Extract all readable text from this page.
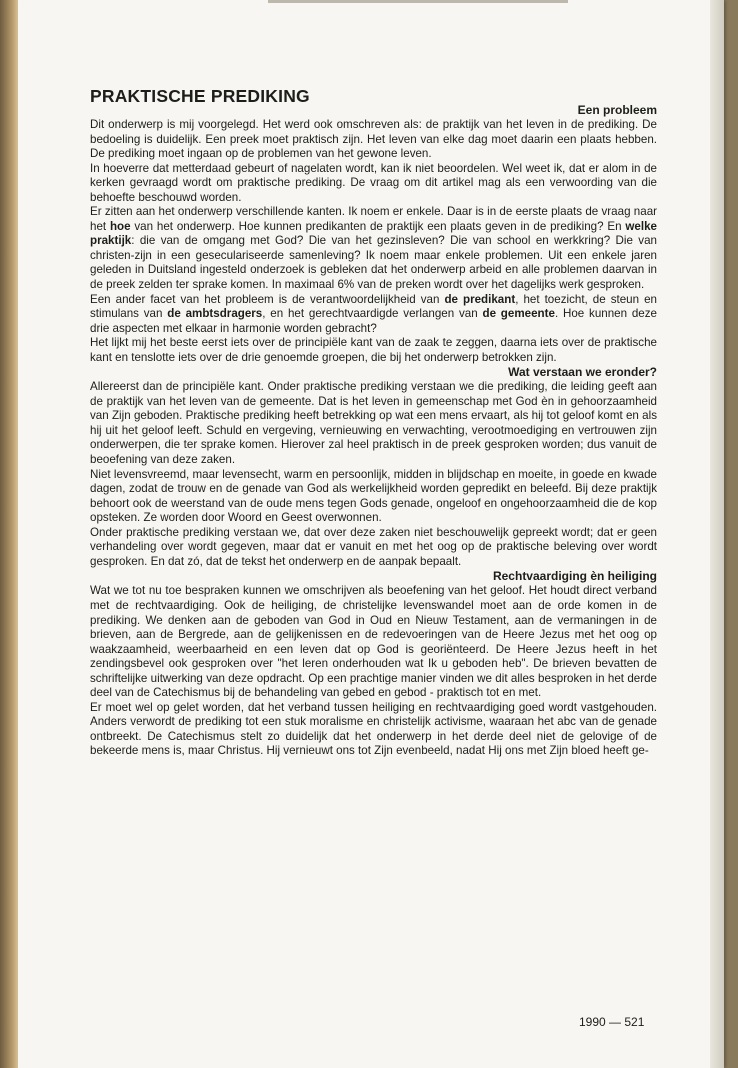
PRAKTISCHE PREDIKING
Een probleem

Dit onderwerp is mij voorgelegd. Het werd ook omschreven als: de praktijk van het leven in de prediking. De bedoeling is duidelijk. Een preek moet praktisch zijn. Het leven van elke dag moet daarin een plaats hebben. De prediking moet ingaan op de problemen van het gewone leven.

In hoeverre dat metterdaad gebeurt of nagelaten wordt, kan ik niet beoordelen. Wel weet ik, dat er alom in de kerken gevraagd wordt om praktische prediking. De vraag om dit artikel mag als een verwoording van die behoefte beschouwd worden.

Er zitten aan het onderwerp verschillende kanten. Ik noem er enkele. Daar is in de eerste plaats de vraag naar het hoe van het onderwerp. Hoe kunnen predikanten de praktijk een plaats geven in de prediking? En welke praktijk: die van de omgang met God? Die van het gezinsleven? Die van school en werkkring? Die van christen-zijn in een geseculariseerde samenleving? Ik noem maar enkele problemen. Uit een enkele jaren geleden in Duitsland ingesteld onderzoek is gebleken dat het onderwerp arbeid en alle problemen daarvan in de preek zelden ter sprake komen. In maximaal 6% van de preken wordt over het dagelijks werk gesproken.

Een ander facet van het probleem is de verantwoordelijkheid van de predikant, het toezicht, de steun en stimulans van de ambtsdragers, en het gerechtvaardigde verlangen van de gemeente. Hoe kunnen deze drie aspecten met elkaar in harmonie worden gebracht?

Het lijkt mij het beste eerst iets over de principiële kant van de zaak te zeggen, daarna iets over de praktische kant en tenslotte iets over de drie genoemde groepen, die bij het onderwerp betrokken zijn.

Wat verstaan we eronder?

Allereerst dan de principiële kant. Onder praktische prediking verstaan we die prediking, die leiding geeft aan de praktijk van het leven van de gemeente. Dat is het leven in gemeenschap met God èn in gehoorzaamheid van Zijn geboden. Praktische prediking heeft betrekking op wat een mens ervaart, als hij tot geloof komt en als hij uit het geloof leeft. Schuld en vergeving, vernieuwing en verwachting, verootmoediging en vertrouwen zijn onderwerpen, die ter sprake komen. Hierover zal heel praktisch in de preek gesproken worden; dus vanuit de beoefening van deze zaken.

Niet levensvreemd, maar levensecht, warm en persoonlijk, midden in blijdschap en moeite, in goede en kwade dagen, zodat de trouw en de genade van God als werkelijkheid worden gepredikt en beleefd. Bij deze praktijk behoort ook de weerstand van de oude mens tegen Gods genade, ongeloof en ongehoorzaamheid die de kop opsteken. Ze worden door Woord en Geest overwonnen.

Onder praktische prediking verstaan we, dat over deze zaken niet beschouwelijk gepreekt wordt; dat er geen verhandeling over wordt gegeven, maar dat er vanuit en met het oog op de praktische beleving over wordt gesproken. En dat zó, dat de tekst het onderwerp en de aanpak bepaalt.

Rechtvaardiging èn heiliging

Wat we tot nu toe bespraken kunnen we omschrijven als beoefening van het geloof. Het houdt direct verband met de rechtvaardiging. Ook de heiliging, de christelijke levenswandel moet aan de orde komen in de prediking. We denken aan de geboden van God in Oud en Nieuw Testament, aan de vermaningen in de brieven, aan de Bergrede, aan de gelijkenissen en de redevoeringen van de Heere Jezus met het oog op waakzaamheid, weerbaarheid en een leven dat op God is georiënteerd. De Heere Jezus heeft in het zendingsbevel ook gesproken over "het leren onderhouden wat Ik u geboden heb". De brieven bevatten de schriftelijke uitwerking van deze opdracht. Op een prachtige manier vinden we dit alles besproken in het derde deel van de Catechismus bij de behandeling van gebed en gebod - praktisch tot en met.

Er moet wel op gelet worden, dat het verband tussen heiliging en rechtvaardiging goed wordt vastgehouden. Anders verwordt de prediking tot een stuk moralisme en christelijk activisme, waaraan het abc van de genade ontbreekt. De Catechismus stelt zo duidelijk dat het onderwerp in het derde deel niet de gelovige of de bekeerde mens is, maar Christus. Hij vernieuwt ons tot Zijn evenbeeld, nadat Hij ons met Zijn bloed heeft ge-

1990 — 521
